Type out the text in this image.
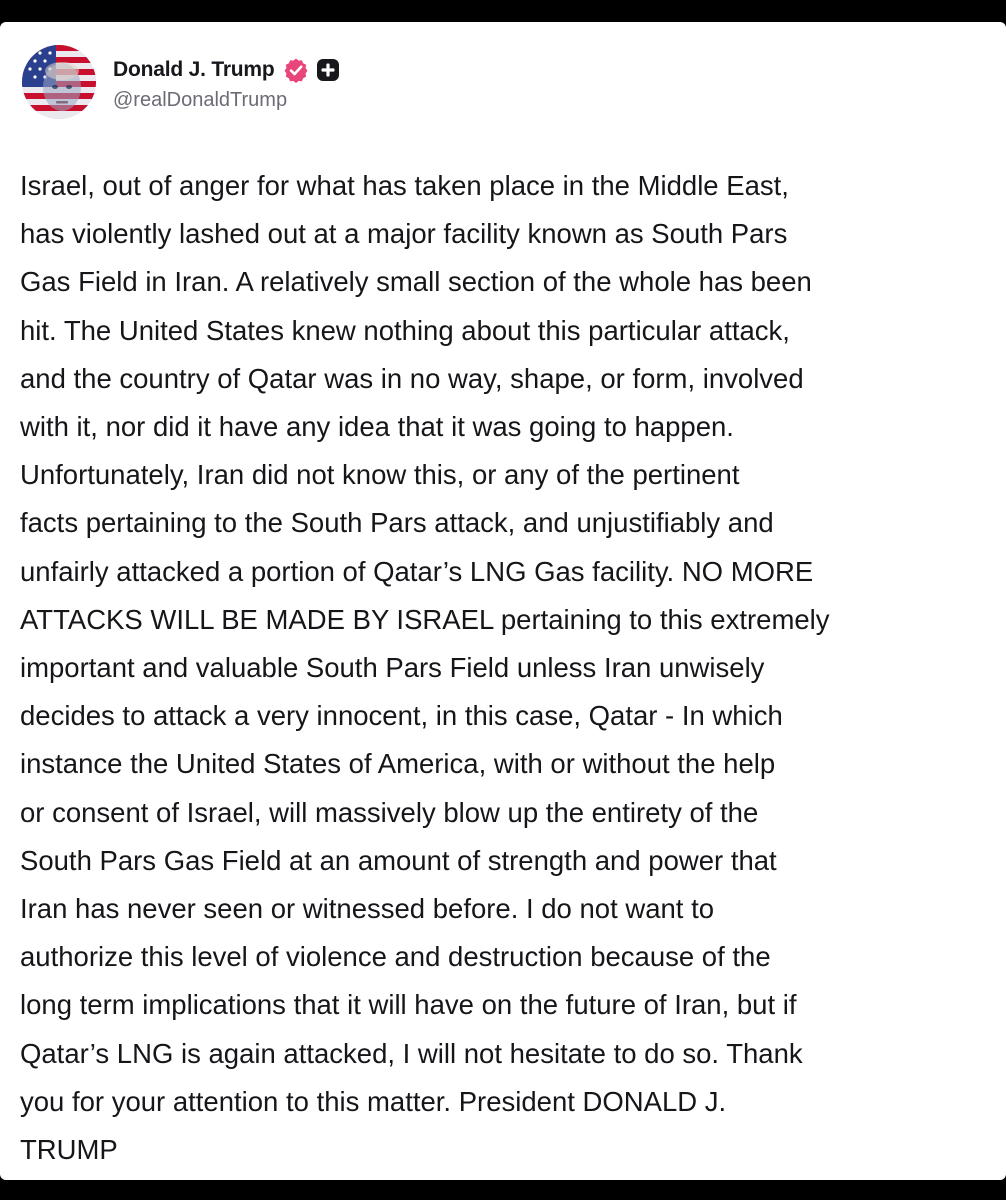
Donald J. Trump
@realDonaldTrump
Israel, out of anger for what has taken place in the Middle East,
has violently lashed out at a major facility known as South Pars
Gas Field in Iran. A relatively small section of the whole has been
hit. The United States knew nothing about this particular attack,
and the country of Qatar was in no way, shape, or form, involved
with it, nor did it have any idea that it was going to happen.
Unfortunately, Iran did not know this, or any of the pertinent
facts pertaining to the South Pars attack, and unjustifiably and
unfairly attacked a portion of Qatar’s LNG Gas facility. NO MORE
ATTACKS WILL BE MADE BY ISRAEL pertaining to this extremely
important and valuable South Pars Field unless Iran unwisely
decides to attack a very innocent, in this case, Qatar - In which
instance the United States of America, with or without the help
or consent of Israel, will massively blow up the entirety of the
South Pars Gas Field at an amount of strength and power that
Iran has never seen or witnessed before. I do not want to
authorize this level of violence and destruction because of the
long term implications that it will have on the future of Iran, but if
Qatar’s LNG is again attacked, I will not hesitate to do so. Thank
you for your attention to this matter. President DONALD J.
TRUMP
